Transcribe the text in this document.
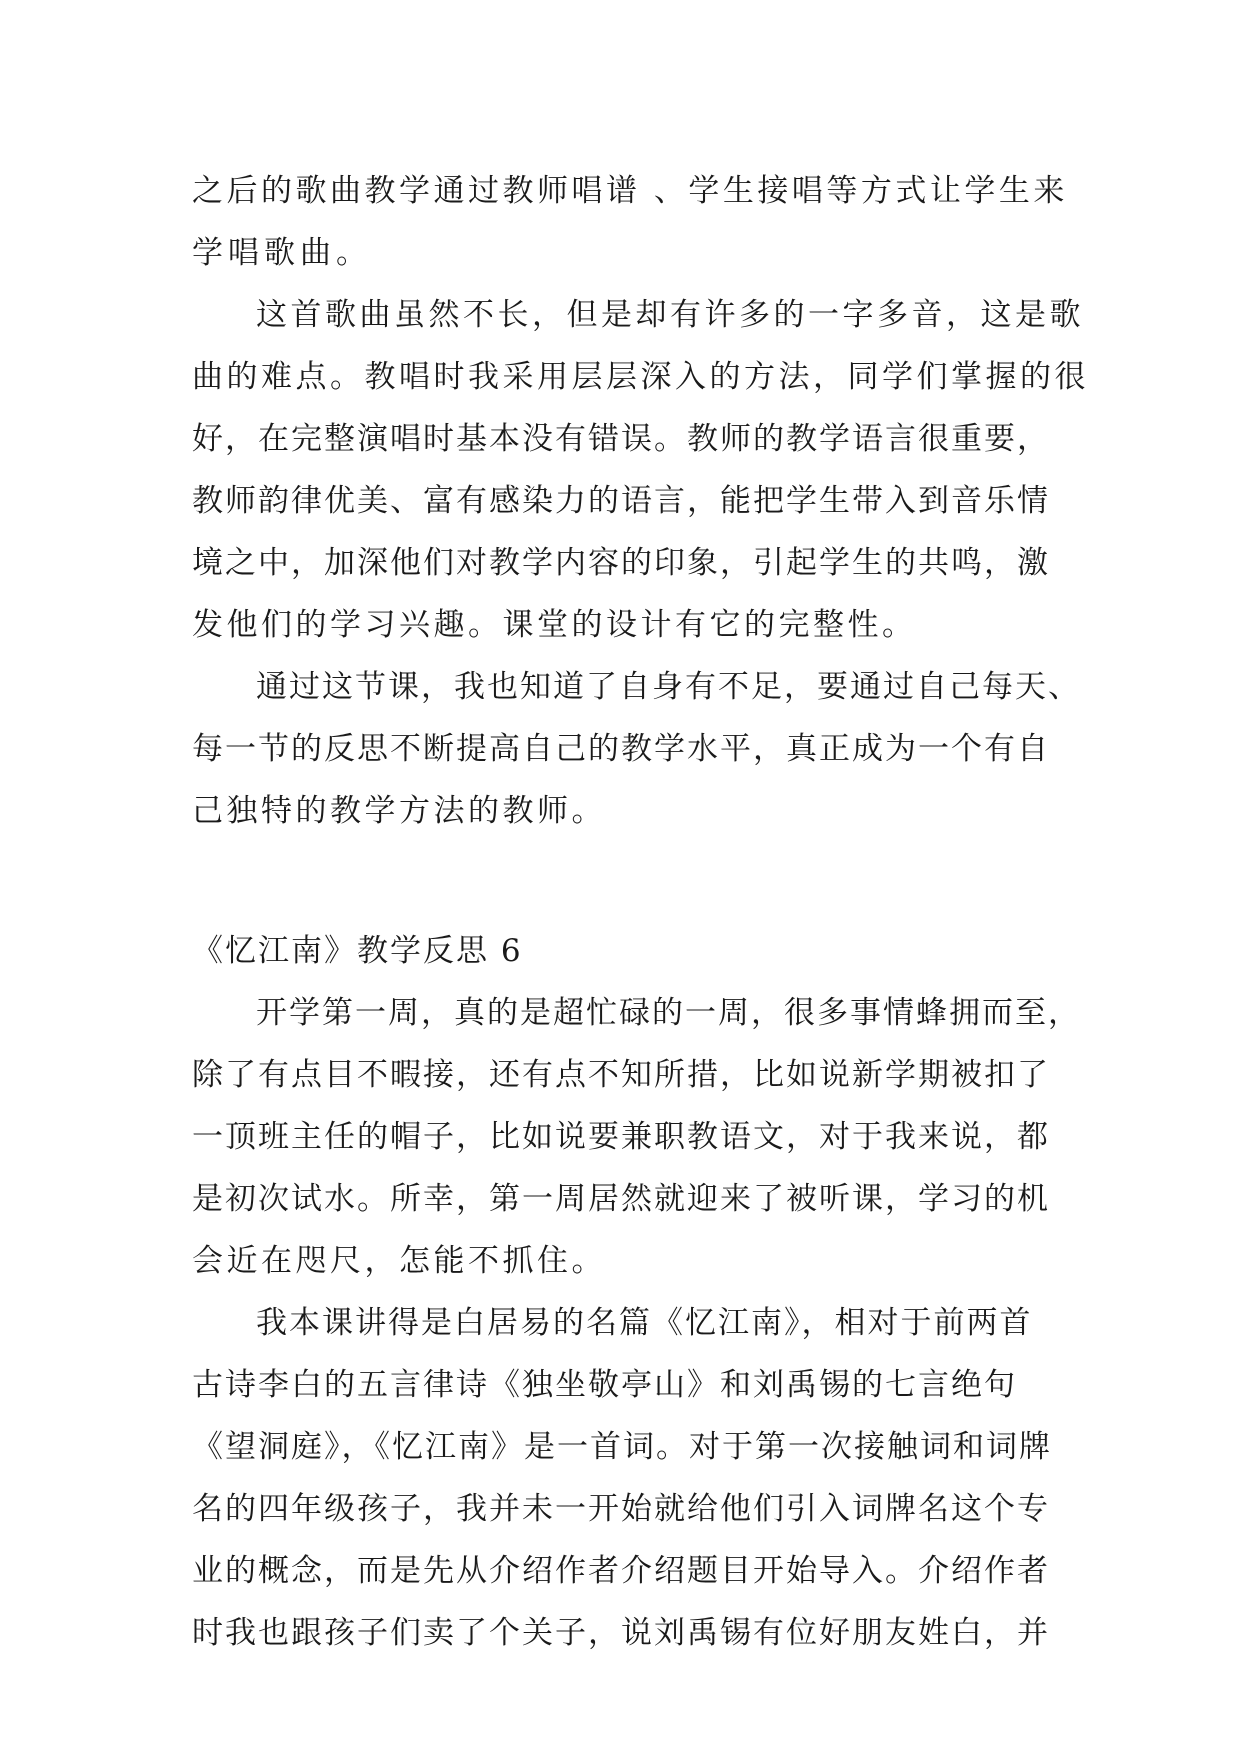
之后的歌曲教学通过教师唱谱 、学生接唱等方式让学生来
学唱歌曲。
这首歌曲虽然不长，但是却有许多的一字多音，这是歌
曲的难点。教唱时我采用层层深入的方法，同学们掌握的很
好，在完整演唱时基本没有错误。教师的教学语言很重要，
教师韵律优美、富有感染力的语言，能把学生带入到音乐情
境之中，加深他们对教学内容的印象，引起学生的共鸣，激
发他们的学习兴趣。课堂的设计有它的完整性。
通过这节课，我也知道了自身有不足，要通过自己每天、
每一节的反思不断提高自己的教学水平，真正成为一个有自
己独特的教学方法的教师。
《忆江南》教学反思 6
开学第一周，真的是超忙碌的一周，很多事情蜂拥而至，
除了有点目不暇接，还有点不知所措，比如说新学期被扣了
一顶班主任的帽子，比如说要兼职教语文，对于我来说，都
是初次试水。所幸，第一周居然就迎来了被听课，学习的机
会近在咫尺，怎能不抓住。
我本课讲得是白居易的名篇《忆江南》，相对于前两首
古诗李白的五言律诗《独坐敬亭山》和刘禹锡的七言绝句
《望洞庭》，《忆江南》是一首词。对于第一次接触词和词牌
名的四年级孩子，我并未一开始就给他们引入词牌名这个专
业的概念，而是先从介绍作者介绍题目开始导入。介绍作者
时我也跟孩子们卖了个关子，说刘禹锡有位好朋友姓白，并
